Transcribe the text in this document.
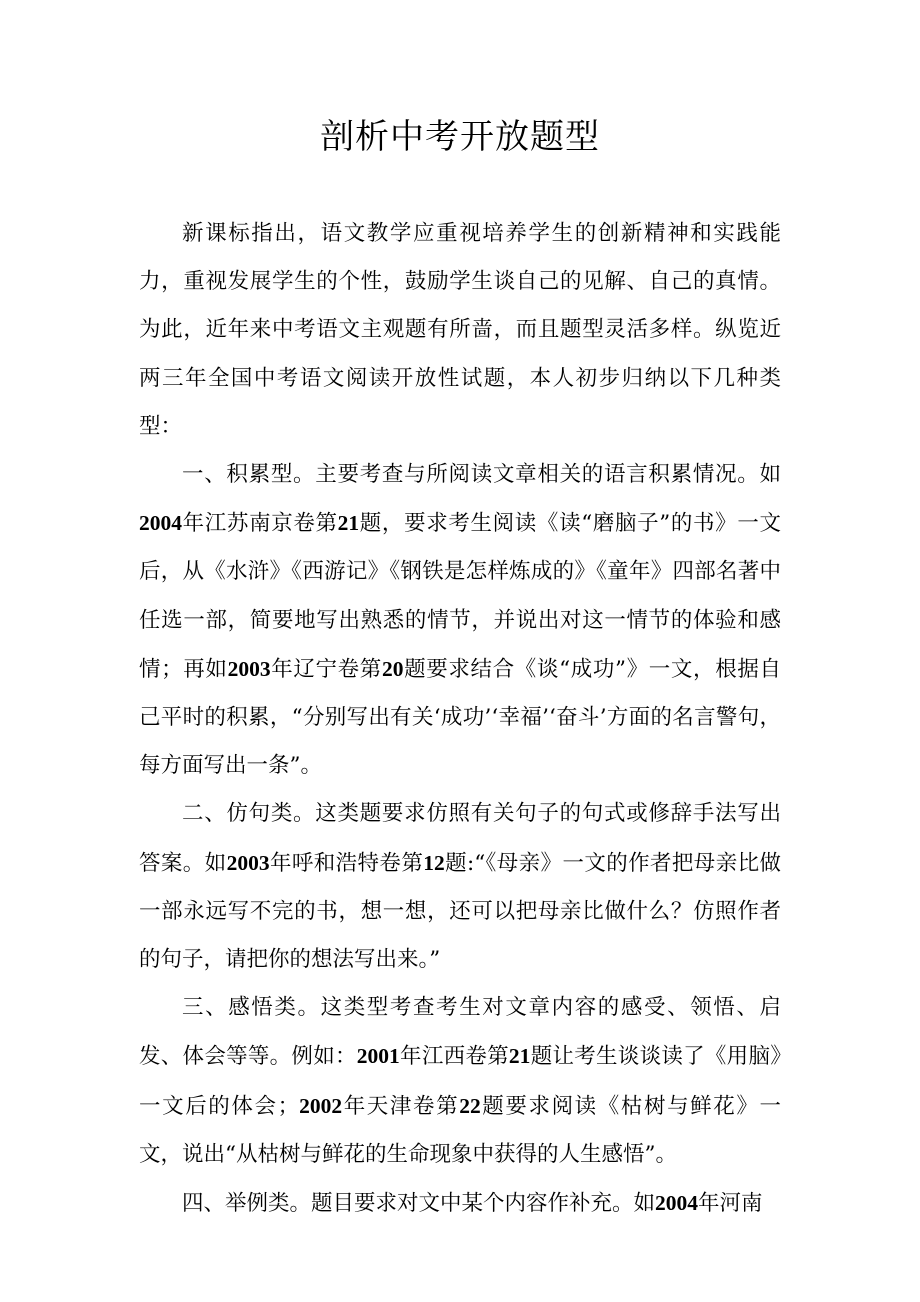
剖析中考开放题型

新课标指出，语文教学应重视培养学生的创新精神和实践能力，重视发展学生的个性，鼓励学生谈自己的见解、自己的真情。为此，近年来中考语文主观题有所啬，而且题型灵活多样。纵览近两三年全国中考语文阅读开放性试题，本人初步归纳以下几种类型：

一、积累型。主要考查与所阅读文章相关的语言积累情况。如2004年江苏南京卷第21题，要求考生阅读《读“磨脑子”的书》一文后，从《水浒》《西游记》《钢铁是怎样炼成的》《童年》四部名著中任选一部，简要地写出熟悉的情节，并说出对这一情节的体验和感情；再如2003年辽宁卷第20题要求结合《谈“成功”》一文，根据自己平时的积累，“分别写出有关‘成功’‘幸福’‘奋斗’方面的名言警句，每方面写出一条”。

二、仿句类。这类题要求仿照有关句子的句式或修辞手法写出答案。如2003年呼和浩特卷第12题:“《母亲》一文的作者把母亲比做一部永远写不完的书，想一想，还可以把母亲比做什么？仿照作者的句子，请把你的想法写出来。”

三、感悟类。这类型考查考生对文章内容的感受、领悟、启发、体会等等。例如：2001年江西卷第21题让考生谈谈读了《用脑》一文后的体会；2002年天津卷第22题要求阅读《枯树与鲜花》一文，说出“从枯树与鲜花的生命现象中获得的人生感悟”。

四、举例类。题目要求对文中某个内容作补充。如2004年河南
